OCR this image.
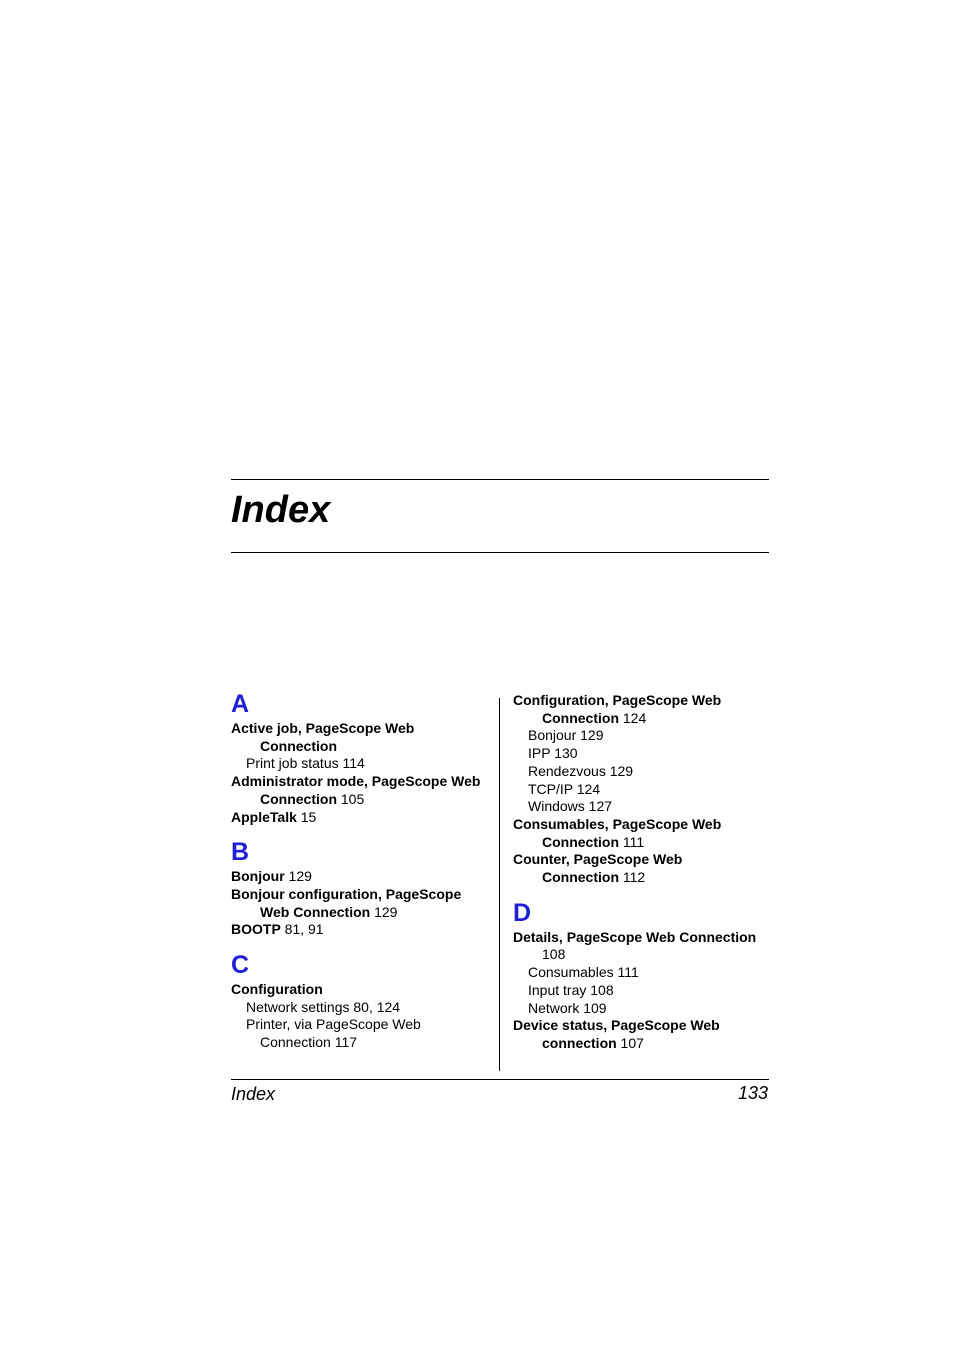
Index
A
Active job, PageScope Web
Connection
Print job status 114
Administrator mode, PageScope Web
Connection 105
AppleTalk 15
B
Bonjour 129
Bonjour configuration, PageScope
Web Connection 129
BOOTP 81, 91
C
Configuration
Network settings 80, 124
Printer, via PageScope Web
Connection 117
Configuration, PageScope Web
Connection 124
Bonjour 129
IPP 130
Rendezvous 129
TCP/IP 124
Windows 127
Consumables, PageScope Web
Connection 111
Counter, PageScope Web
Connection 112
D
Details, PageScope Web Connection
108
Consumables 111
Input tray 108
Network 109
Device status, PageScope Web
connection 107
Index	133
